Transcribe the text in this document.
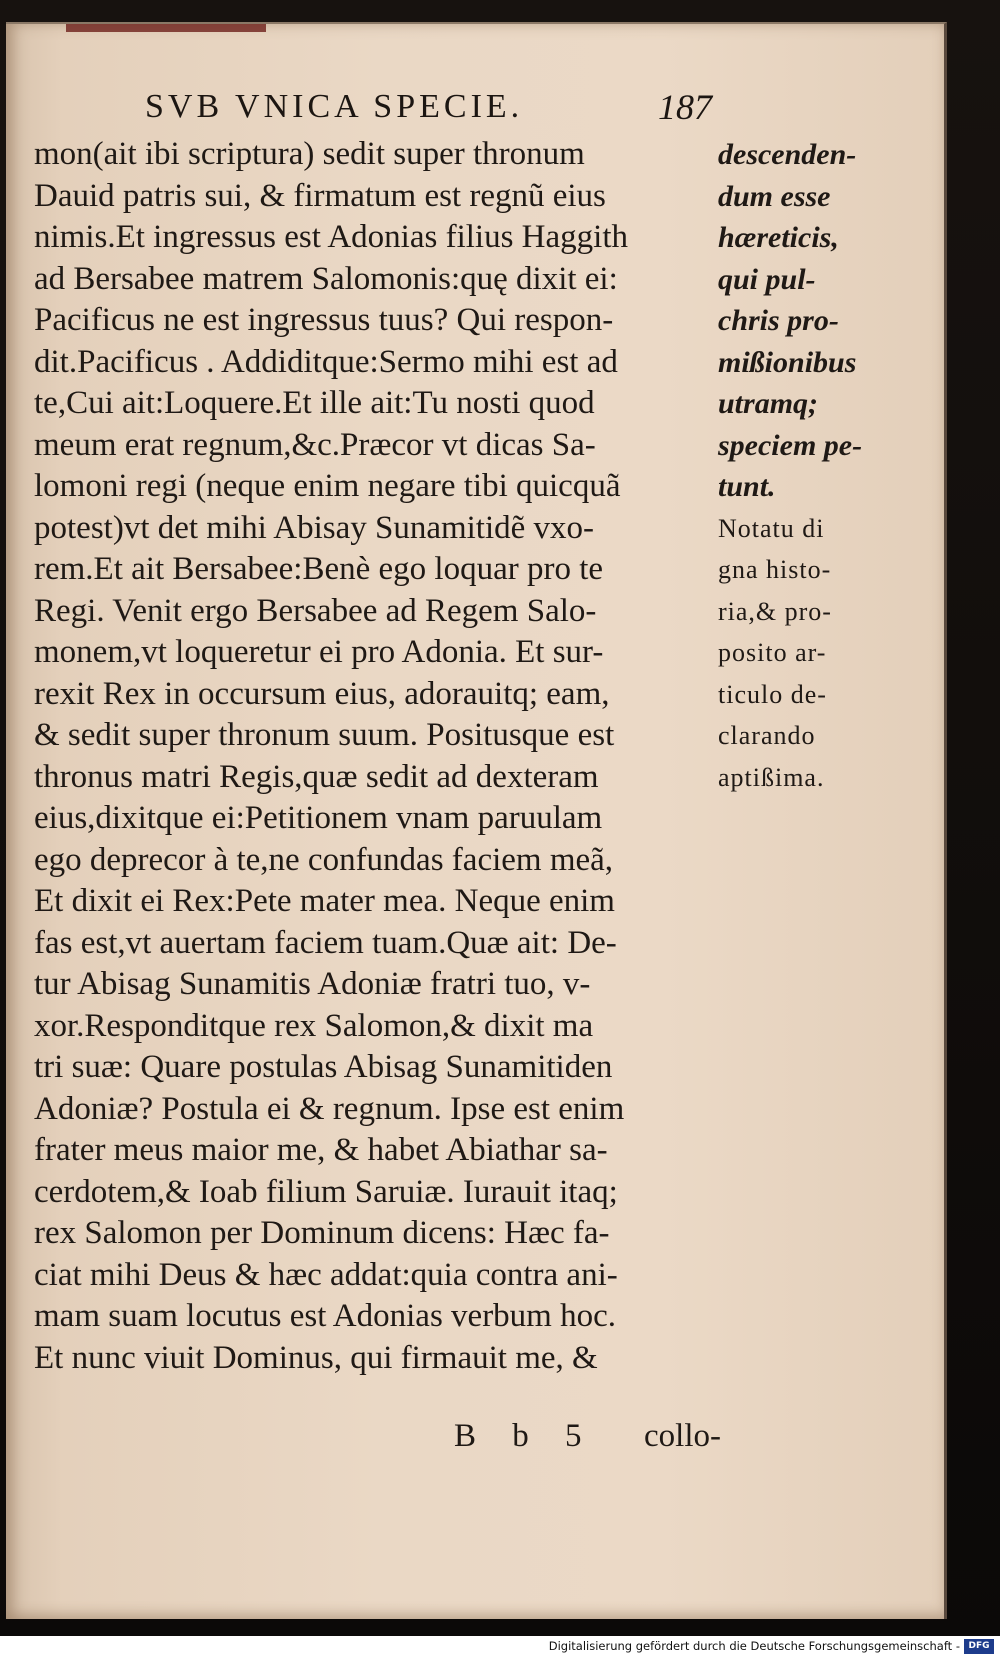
SVB VNICA SPECIE.	187
mon(ait ibi scriptura) sedit super thronum
Dauid patris sui, & firmatum est regnũ eius
nimis.Et ingressus est Adonias filius Haggith
ad Bersabee matrem Salomonis:quę dixit ei:
Pacificus ne est ingressus tuus? Qui respon-
dit.Pacificus . Addiditque:Sermo mihi est ad
te,Cui ait:Loquere.Et ille ait:Tu nosti quod
meum erat regnum,&c.Præcor vt dicas Sa-
lomoni regi (neque enim negare tibi quicquã
potest)vt det mihi Abisay Sunamitidẽ vxo-
rem.Et ait Bersabee:Benè ego loquar pro te
Regi. Venit ergo Bersabee ad Regem Salo-
monem,vt loqueretur ei pro Adonia. Et sur-
rexit Rex in occursum eius, adorauitq; eam,
& sedit super thronum suum. Positusque est
thronus matri Regis,quæ sedit ad dexteram
eius,dixitque ei:Petitionem vnam paruulam
ego deprecor à te,ne confundas faciem meã,
Et dixit ei Rex:Pete mater mea. Neque enim
fas est,vt auertam faciem tuam.Quæ ait: De-
tur Abisag Sunamitis Adoniæ fratri tuo, v-
xor.Responditque rex Salomon,& dixit ma
tri suæ: Quare postulas Abisag Sunamitiden
Adoniæ? Postula ei & regnum. Ipse est enim
frater meus maior me, & habet Abiathar sa-
cerdotem,& Ioab filium Saruiæ. Iurauit itaq;
rex Salomon per Dominum dicens: Hæc fa-
ciat mihi Deus & hæc addat:quia contra ani-
mam suam locutus est Adonias verbum hoc.
Et nunc viuit Dominus, qui firmauit me, &
descenden-
dum esse
hæreticis,
qui pul-
chris pro-
mißionibus
utramq;
speciem pe-
tunt.
Notatu di
gna histo-
ria,& pro-
posito ar-
ticulo de-
clarando
aptißima.
B b 5 collo-
Digitalisierung gefördert durch die Deutsche Forschungsgemeinschaft - DFG
